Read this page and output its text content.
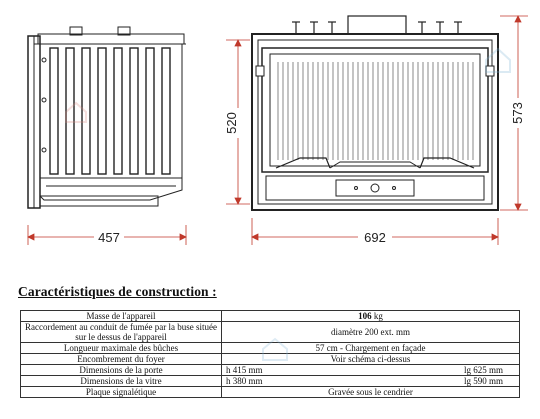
457	692
520	573
Caractéristiques de construction :
Masse de l'appareil	106 kg
Raccordement au conduit de fumée par la buse située sur le dessus de l'appareil	diamètre 200 ext. mm
Longueur maximale des bûches	57 cm - Chargement en façade
Encombrement du foyer	Voir schéma ci-dessus
Dimensions de la porte	h 415 mm lg 625 mm

Dimensions de la vitre	h 380 mm lg 590 mm

Plaque signalétique	Gravée sous le cendrier
